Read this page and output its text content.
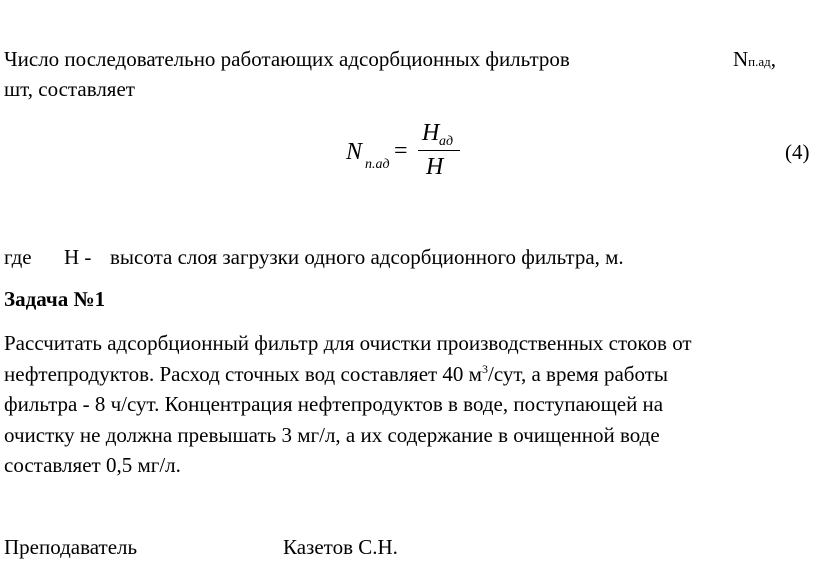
Число последовательно работающих адсорбционных фильтров	Nп.ад,
шт, составляет
N п.ад
=
H ад
H
(4)
где Н - высота слоя загрузки одного адсорбционного фильтра, м.
Задача №1
Рассчитать адсорбционный фильтр для очистки производственных стоков от
нефтепродуктов. Расход сточных вод составляет 40 $м^3$/сут, а время работы
фильтра - 8 ч/сут. Концентрация нефтепродуктов в воде, поступающей на
очистку не должна превышать 3 мг/л, а их содержание в очищенной воде
составляет 0,5 мг/л.
Преподаватель	Казетов С.Н.
